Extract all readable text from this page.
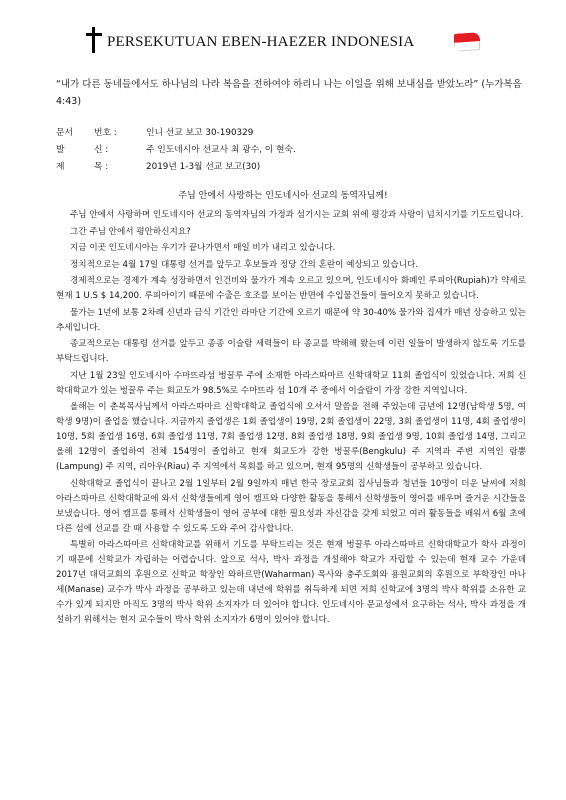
PERSEKUTUAN EBEN-HAEZER INDONESIA
“내가 다른 동네들에서도 하나님의 나라 복음을 전하여야 하리니 나는 이일을 위해 보내심을 받았노라” (누가복음 4:43)
문서 번호 :	인니 선교 보고 30-190329
발	신 :	주 인도네시아 선교사 최 광수, 이 현숙.
제	목 :	2019년 1-3월 선교 보고(30)
주님 안에서 사랑하는 인도네시아 선교의 동역자님께!

주님 안에서 사랑하며 인도네시아 선교의 동역자님의 가정과 섬기시는 교회 위에 평강과 사랑이 넘치시기를 기도드립니다.

그간 주님 안에서 평안하신지요?

지금 이곳 인도네시아는 우기가 끝나가면서 매일 비가 내리고 있습니다.

정치적으로는 4월 17일 대통령 선거를 앞두고 후보들과 정당 간의 혼란이 예상되고 있습니다.

경제적으로는 경제가 계속 성장하면서 인건비와 물가가 계속 오르고 있으며, 인도네시아 화폐인 루피아(Rupiah)가 약세로 현재 1 U.S $ 14,200. 루피아이기 때문에 수출은 호조를 보이는 반면에 수입물건들이 들어오지 못하고 있습니다.

물가는 1년에 보통 2차례 신년과 금식 기간인 라마단 기간에 오르기 때문에 약 30-40% 물가와 집세가 매년 상승하고 있는 추세입니다.

종교적으로는 대통령 선거를 앞두고 종종 이슬람 세력들이 타 종교를 박해해 왔는데 이런 일들이 발생하지 않도록 기도를 부탁드립니다.

지난 1월 23일 인도네시아 수마뜨라섬 벙꿀루 주에 소재한 아라스따마르 신학대학교 11회 졸업식이 있었습니다. 저희 신학대학교가 있는 벙꿀루 주는 회교도가 98.5%로 수마뜨라 섬 10개 주 중에서 이슬람이 가장 강한 지역입니다.

올해는 이 춘복목사님께서 아라스따마르 신학대학교 졸업식에 오셔서 말씀을 전해 주었는데 금년에 12명(남학생 5명, 여학생 9명)이 졸업을 했습니다. 지금까지 졸업생은 1회 졸업생이 19명, 2회 졸업생이 22명, 3회 졸업생이 11명, 4회 졸업생이 10명, 5회 졸업생 16명, 6회 졸업생 11명, 7회 졸업생 12명, 8회 졸업생 18명, 9회 졸업생 9명, 10회 졸업생 14명, 그리고 올해 12명이 졸업하여 전체 154명이 졸업하고 현재 회교도가 강한 벙꿀루(Bengkulu) 주 지역과 주변 지역인 람뿡(Lampung) 주 지역, 리아우(Riau) 주 지역에서 목회를 하고 있으며, 현재 95명의 신학생들이 공부하고 있습니다.

신학대학교 졸업식이 끝나고 2월 1일부터 2월 9일까지 매년 한국 장로교회 집사님들과 청년들 10명이 더운 날씨에 저희 아라스따마르 신학대학교에 와서 신학생들에게 영어 캠프와 다양한 활동을 통해서 신학생들이 영어를 배우며 즐거운 시간들을 보냈습니다. 영어 캠프를 통해서 신학생들이 영어 공부에 대한 필요성과 자신감을 갖게 되었고 여러 활동들을 배워서 6월 초에 다른 섬에 선교를 갈 때 사용할 수 있도록 도와 주어 감사합니다.

특별히 아라스따마르 신학대학교를 위해서 기도를 부탁드리는 것은 현재 벙꿀루 아라스따마르 신학대학교가 학사 과정이기 때문에 신학교가 자립하는 어렵습니다. 앞으로 석사, 박사 과정을 개설해야 학교가 자립할 수 있는데 현재 교수 가운데 2017년 대덕교회의 후원으로 신학교 학장인 와하르만(Waharman) 목사와 충주도회와 용원교회의 후원으로 부학장인 마나세(Manase) 교수가 박사 과정을 공부하고 있는데 내년에 학위를 취득하게 되면 저희 신학교에 3명의 박사 학위를 소유한 교수가 있게 되지만 아직도 3명의 박사 학위 소지자가 더 있어야 합니다. 인도네시아 문교성에서 요구하는 석사, 박사 과정을 개설하기 위해서는 현지 교수들이 박사 학위 소지자가 6명이 있어야 합니다.
